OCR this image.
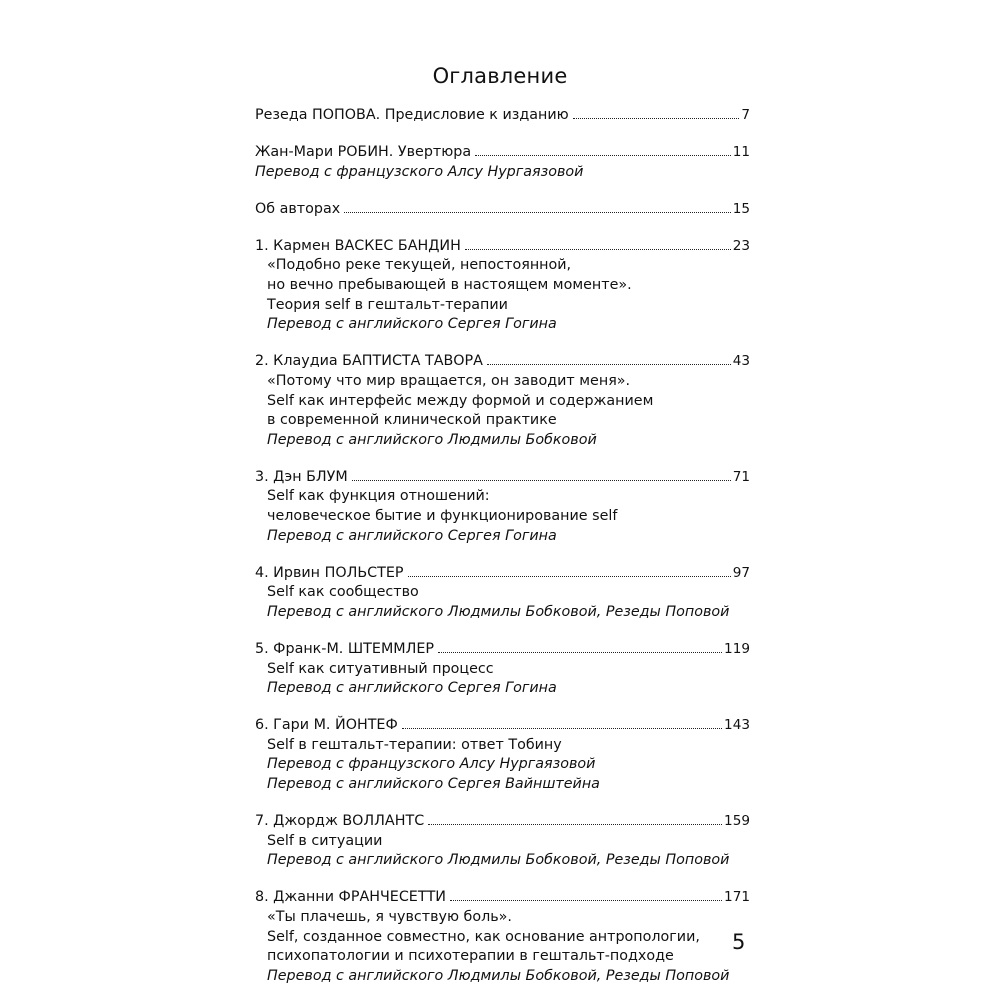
Оглавление
Резеда ПОПОВА. Предисловие к изданию	7
Жан-Мари РОБИН. Увертюра	11
Перевод с французского Алсу Нургаязовой
Об авторах	15
1. Кармен ВАСКЕС БАНДИН	23
«Подобно реке текущей, непостоянной,
но вечно пребывающей в настоящем моменте».
Теория self в гештальт-терапии
Перевод с английского Сергея Гогина
2. Клаудиа БАПТИСТА ТАВОРА	43
«Потому что мир вращается, он заводит меня».
Self как интерфейс между формой и содержанием
в современной клинической практике
Перевод с английского Людмилы Бобковой
3. Дэн БЛУМ	71
Self как функция отношений:
человеческое бытие и функционирование self
Перевод с английского Сергея Гогина
4. Ирвин ПОЛЬСТЕР	97
Self как сообщество
Перевод с английского Людмилы Бобковой, Резеды Поповой
5. Франк-М. ШТЕММЛЕР	119
Self как ситуативный процесс
Перевод с английского Сергея Гогина
6. Гари М. ЙОНТЕФ	143
Self в гештальт-терапии: ответ Тобину
Перевод с французского Алсу Нургаязовой
Перевод с английского Сергея Вайнштейна
7. Джордж ВОЛЛАНТС	159
Self в ситуации
Перевод с английского Людмилы Бобковой, Резеды Поповой
8. Джанни ФРАНЧЕСЕТТИ	171
«Ты плачешь, я чувствую боль».
Self, созданное совместно, как основание антропологии,
психопатологии и психотерапии в гештальт-подходе
Перевод с английского Людмилы Бобковой, Резеды Поповой
5
